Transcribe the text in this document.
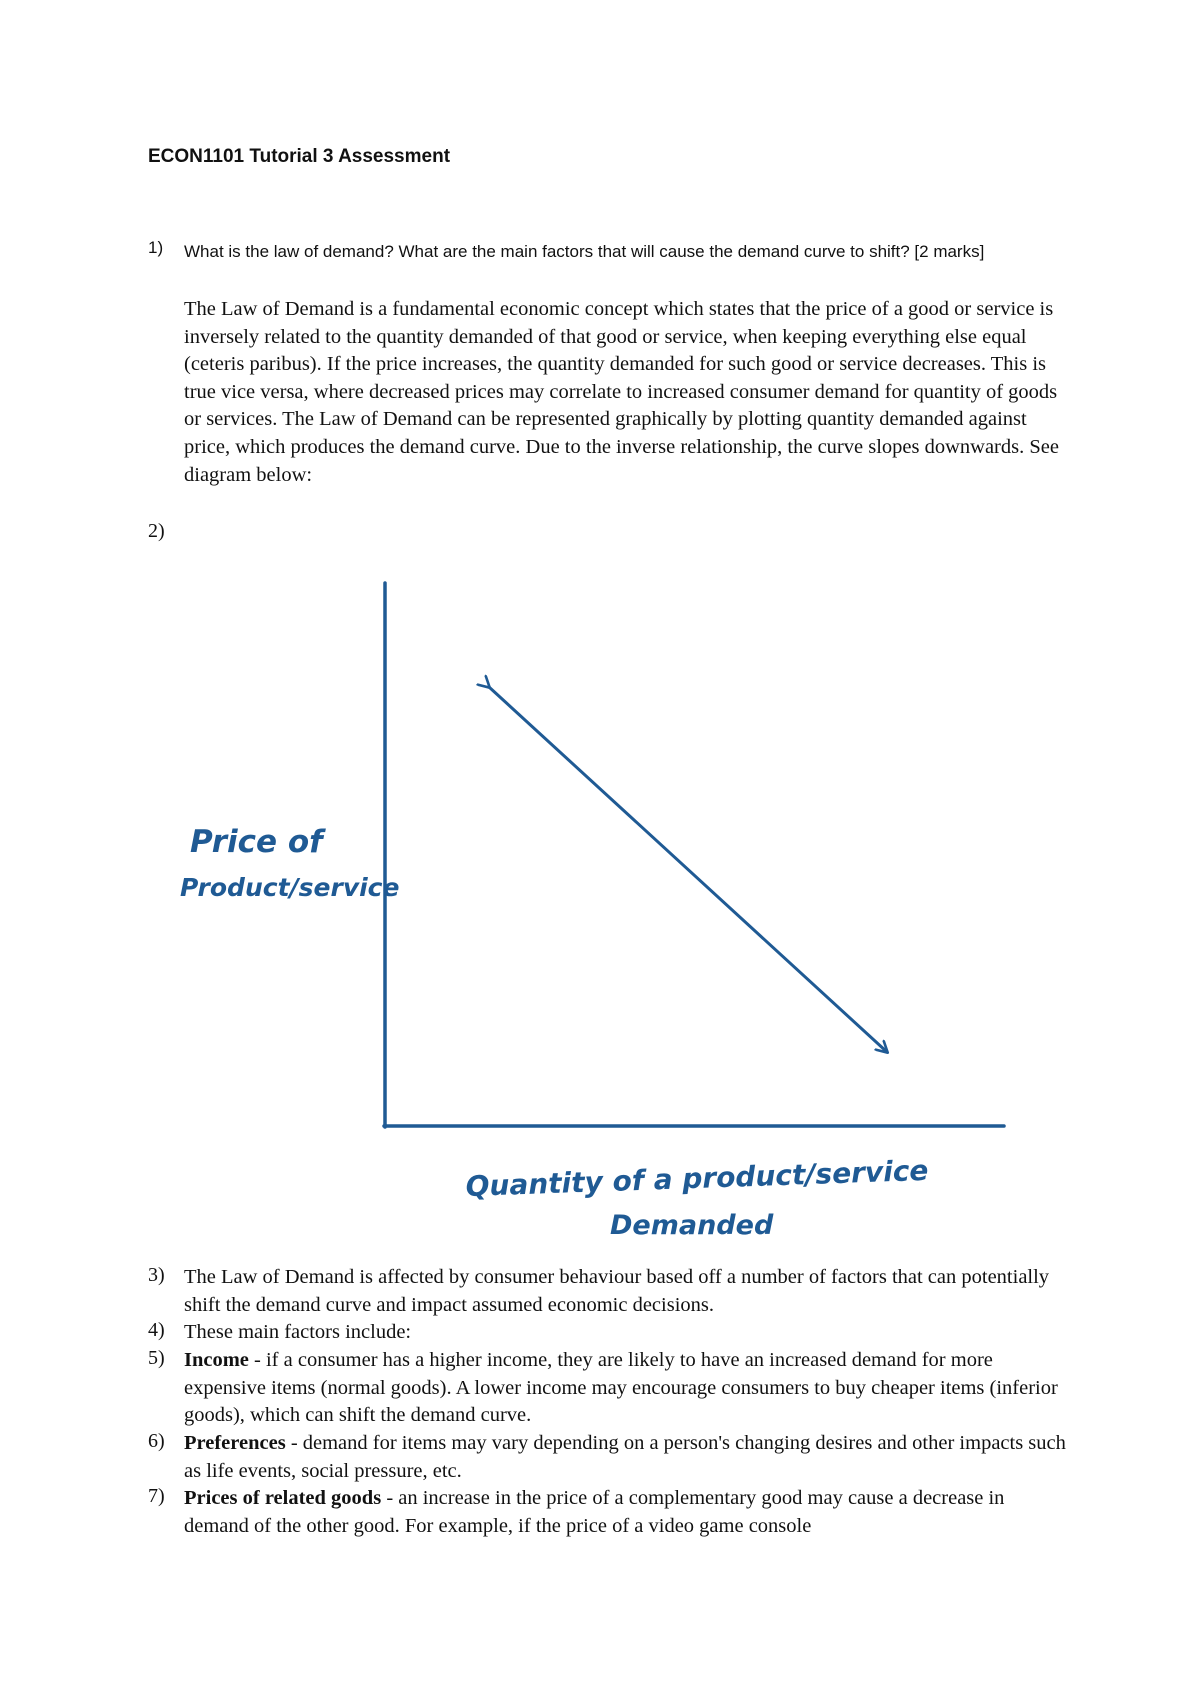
ECON1101 Tutorial 3 Assessment
1) What is the law of demand? What are the main factors that will cause the demand curve to shift? [2 marks]

The Law of Demand is a fundamental economic concept which states that the price of a good or service is inversely related to the quantity demanded of that good or service, when keeping everything else equal (ceteris paribus). If the price increases, the quantity demanded for such good or service decreases. This is true vice versa, where decreased prices may correlate to increased consumer demand for quantity of goods or services. The Law of Demand can be represented graphically by plotting quantity demanded against price, which produces the demand curve. Due to the inverse relationship, the curve slopes downwards. See diagram below:

2)
Price of
Product/service
Quantity of a product/service
Demanded
3) The Law of Demand is affected by consumer behaviour based off a number of factors that can potentially shift the demand curve and impact assumed economic decisions.

4) These main factors include:

5) Income - if a consumer has a higher income, they are likely to have an increased demand for more expensive items (normal goods). A lower income may encourage consumers to buy cheaper items (inferior goods), which can shift the demand curve.

6) Preferences - demand for items may vary depending on a person's changing desires and other impacts such as life events, social pressure, etc.

7) Prices of related goods - an increase in the price of a complementary good may cause a decrease in demand of the other good. For example, if the price of a video game console
